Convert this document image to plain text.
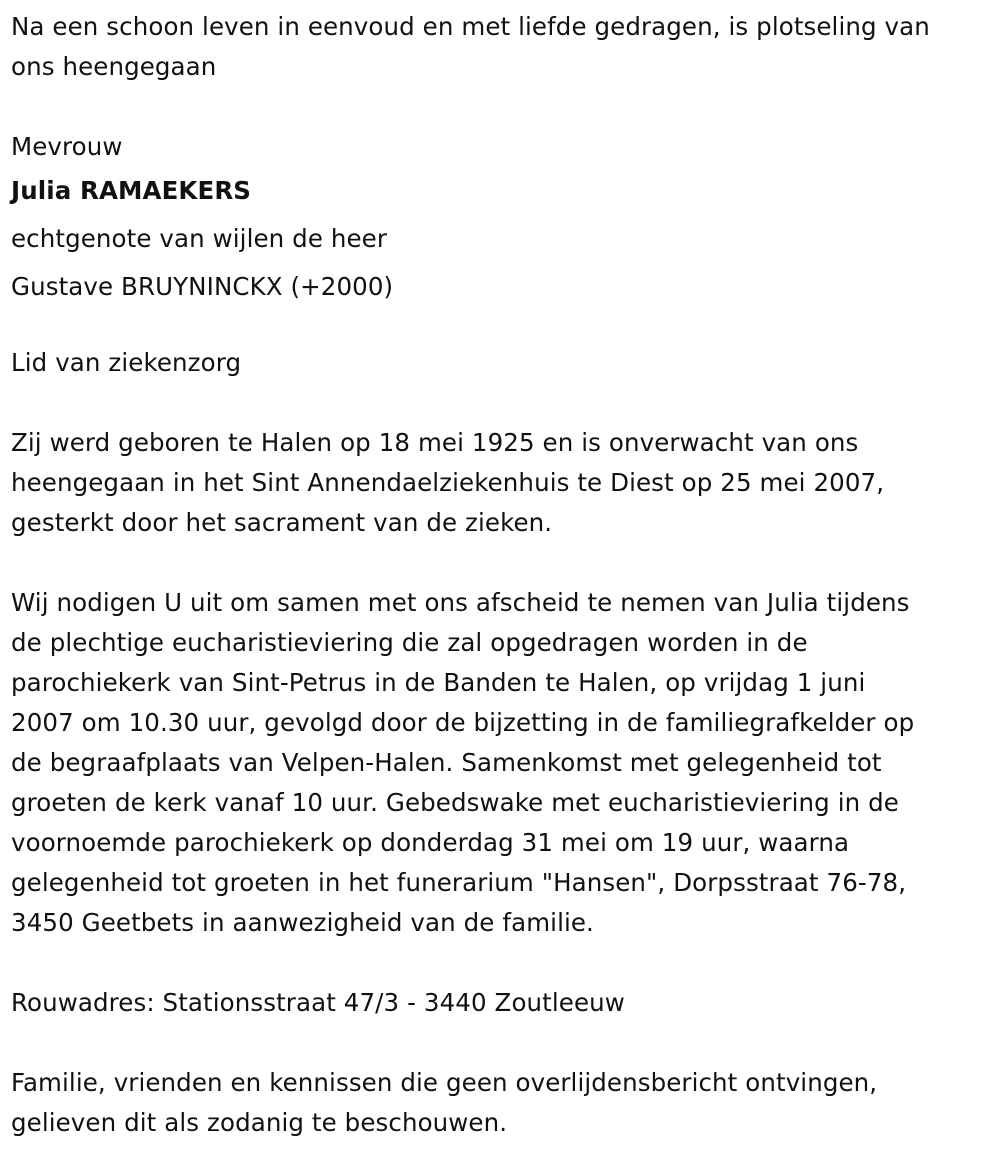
Na een schoon leven in eenvoud en met liefde gedragen, is plotseling van
ons heengegaan
Mevrouw
Julia RAMAEKERS
echtgenote van wijlen de heer
Gustave BRUYNINCKX (+2000)
Lid van ziekenzorg
Zij werd geboren te Halen op 18 mei 1925 en is onverwacht van ons
heengegaan in het Sint Annendaelziekenhuis te Diest op 25 mei 2007,
gesterkt door het sacrament van de zieken.
Wij nodigen U uit om samen met ons afscheid te nemen van Julia tijdens
de plechtige eucharistieviering die zal opgedragen worden in de
parochiekerk van Sint-Petrus in de Banden te Halen, op vrijdag 1 juni
2007 om 10.30 uur, gevolgd door de bijzetting in de familiegrafkelder op
de begraafplaats van Velpen-Halen. Samenkomst met gelegenheid tot
groeten de kerk vanaf 10 uur. Gebedswake met eucharistieviering in de
voornoemde parochiekerk op donderdag 31 mei om 19 uur, waarna
gelegenheid tot groeten in het funerarium "Hansen", Dorpsstraat 76-78,
3450 Geetbets in aanwezigheid van de familie.
Rouwadres: Stationsstraat 47/3 - 3440 Zoutleeuw
Familie, vrienden en kennissen die geen overlijdensbericht ontvingen,
gelieven dit als zodanig te beschouwen.
